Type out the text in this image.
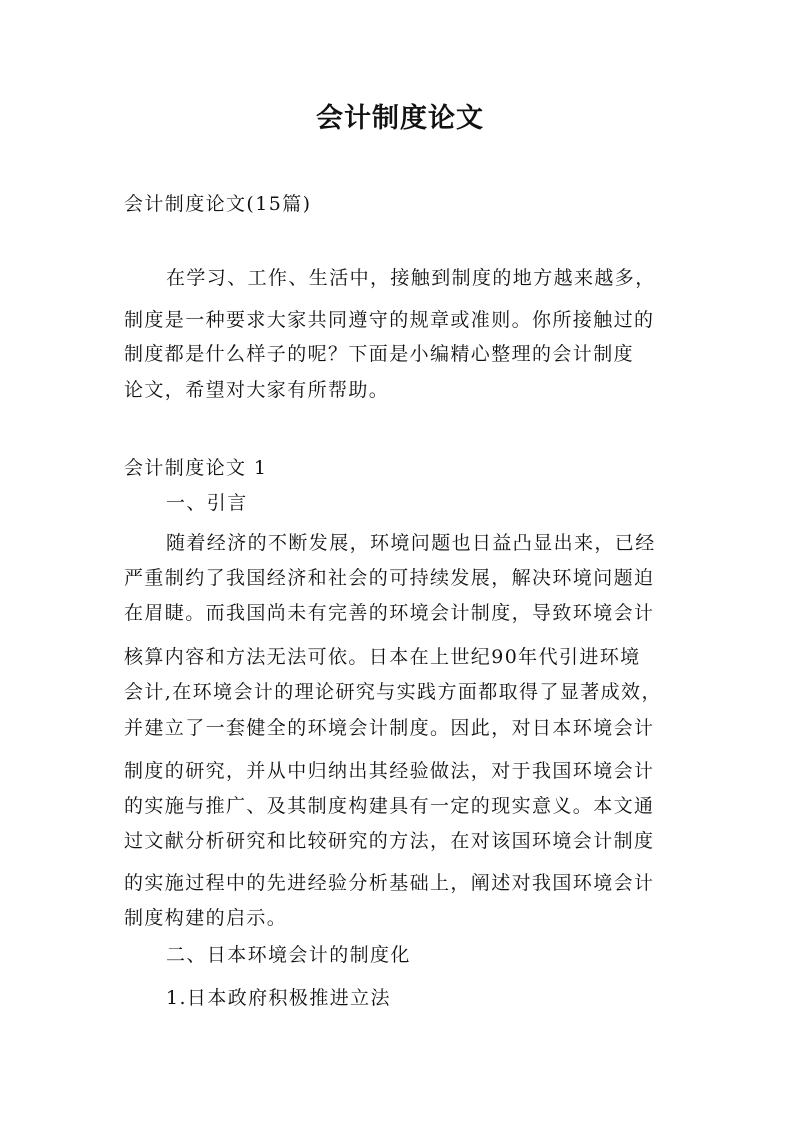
会计制度论文
会计制度论文(15篇)
在学习、工作、生活中，接触到制度的地方越来越多，
制度是一种要求大家共同遵守的规章或准则。你所接触过的
制度都是什么样子的呢？下面是小编精心整理的会计制度
论文，希望对大家有所帮助。
会计制度论文 1
一、引言
随着经济的不断发展，环境问题也日益凸显出来，已经
严重制约了我国经济和社会的可持续发展，解决环境问题迫
在眉睫。而我国尚未有完善的环境会计制度，导致环境会计
核算内容和方法无法可依。日本在上世纪90年代引进环境
会计,在环境会计的理论研究与实践方面都取得了显著成效，
并建立了一套健全的环境会计制度。因此，对日本环境会计
制度的研究，并从中归纳出其经验做法，对于我国环境会计
的实施与推广、及其制度构建具有一定的现实意义。本文通
过文献分析研究和比较研究的方法，在对该国环境会计制度
的实施过程中的先进经验分析基础上，阐述对我国环境会计
制度构建的启示。
二、日本环境会计的制度化
1.日本政府积极推进立法
